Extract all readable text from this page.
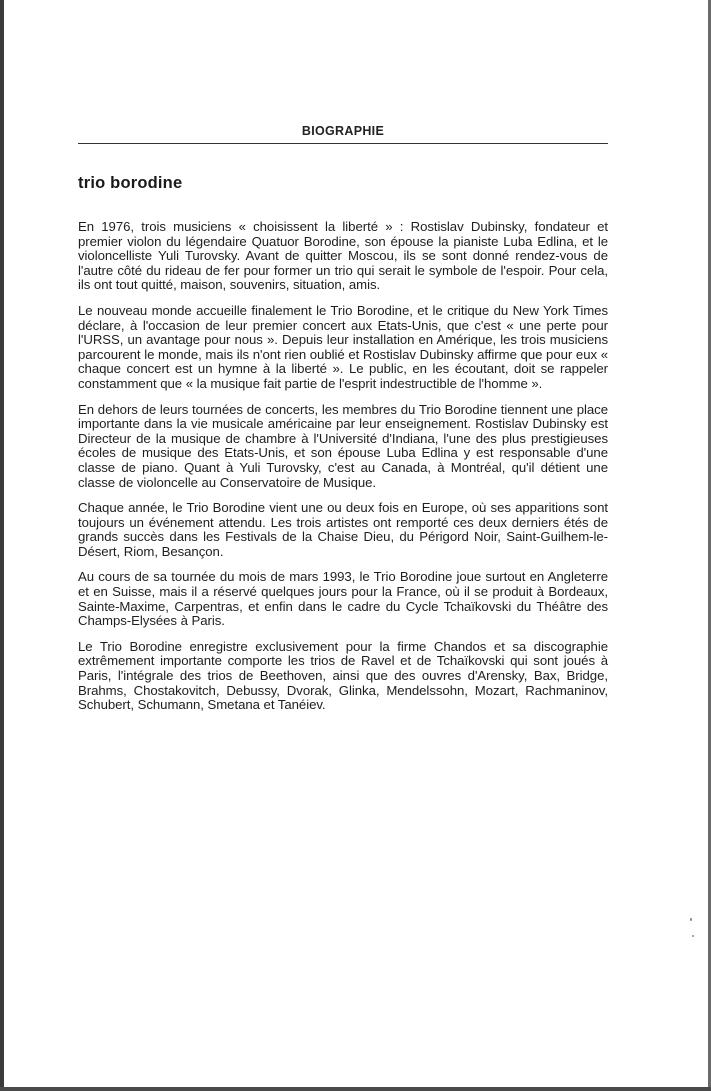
BIOGRAPHIE
trio borodine

En 1976, trois musiciens « choisissent la liberté » : Rostislav Dubinsky, fondateur et premier violon du légendaire Quatuor Borodine, son épouse la pianiste Luba Edlina, et le violoncelliste Yuli Turovsky. Avant de quitter Moscou, ils se sont donné rendez-vous de l'autre côté du rideau de fer pour former un trio qui serait le symbole de l'espoir. Pour cela, ils ont tout quitté, maison, souvenirs, situation, amis.

Le nouveau monde accueille finalement le Trio Borodine, et le critique du New York Times déclare, à l'occasion de leur premier concert aux Etats-Unis, que c'est « une perte pour l'URSS, un avantage pour nous ». Depuis leur installation en Amérique, les trois musiciens parcourent le monde, mais ils n'ont rien oublié et Rostislav Dubinsky affirme que pour eux « chaque concert est un hymne à la liberté ». Le public, en les écoutant, doit se rappeler constamment que « la musique fait partie de l'esprit indestructible de l'homme ».

En dehors de leurs tournées de concerts, les membres du Trio Borodine tiennent une place importante dans la vie musicale américaine par leur enseignement. Rostislav Dubinsky est Directeur de la musique de chambre à l'Université d'Indiana, l'une des plus prestigieuses écoles de musique des Etats-Unis, et son épouse Luba Edlina y est responsable d'une classe de piano. Quant à Yuli Turovsky, c'est au Canada, à Montréal, qu'il détient une classe de violoncelle au Conservatoire de Musique.

Chaque année, le Trio Borodine vient une ou deux fois en Europe, où ses apparitions sont toujours un événement attendu. Les trois artistes ont remporté ces deux derniers étés de grands succès dans les Festivals de la Chaise Dieu, du Périgord Noir, Saint-Guilhem-le-Désert, Riom, Besançon.

Au cours de sa tournée du mois de mars 1993, le Trio Borodine joue surtout en Angleterre et en Suisse, mais il a réservé quelques jours pour la France, où il se produit à Bordeaux, Sainte-Maxime, Carpentras, et enfin dans le cadre du Cycle Tchaïkovski du Théâtre des Champs-Elysées à Paris.

Le Trio Borodine enregistre exclusivement pour la firme Chandos et sa discographie extrêmement importante comporte les trios de Ravel et de Tchaïkovski qui sont joués à Paris, l'intégrale des trios de Beethoven, ainsi que des ouvres d'Arensky, Bax, Bridge, Brahms, Chostakovitch, Debussy, Dvorak, Glinka, Mendelssohn, Mozart, Rachmaninov, Schubert, Schumann, Smetana et Tanéiev.
